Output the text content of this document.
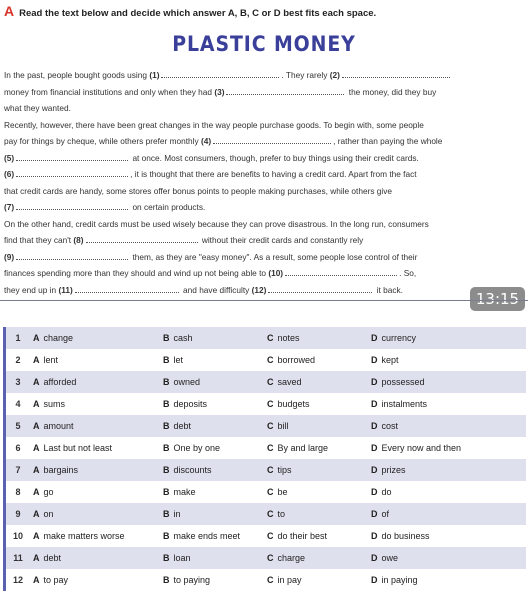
A Read the text below and decide which answer A, B, C or D best fits each space.
PLASTIC MONEY
In the past, people bought goods using (1)	. They rarely (2)
money from financial institutions and only when they had (3)	the money, did they buy
what they wanted.
Recently, however, there have been great changes in the way people purchase goods. To begin with, some people
pay for things by cheque, while others prefer monthly (4)	, rather than paying the whole
(5)	at once. Most consumers, though, prefer to buy things using their credit cards.
(6)	, it is thought that there are benefits to having a credit card. Apart from the fact
that credit cards are handy, some stores offer bonus points to people making purchases, while others give
(7)	on certain products.
On the other hand, credit cards must be used wisely because they can prove disastrous. In the long run, consumers
find that they can't (8)	without their credit cards and constantly rely
(9)	them, as they are "easy money". As a result, some people lose control of their
finances spending more than they should and wind up not being able to (10)	. So,
they end up in (11)	and have difficulty (12)	it back.
13:15
1	A change	B cash	C notes	D currency
2	A lent	B let	C borrowed	D kept
3	A afforded	B owned	C saved	D possessed
4	A sums	B deposits	C budgets	D instalments
5	A amount	B debt	C bill	D cost
6	A Last but not least	B One by one	C By and large	D Every now and then
7	A bargains	B discounts	C tips	D prizes
8	A go	B make	C be	D do
9	A on	B in	C to	D of
10	A make matters worse	B make ends meet	C do their best	D do business
11	A debt	B loan	C charge	D owe
12	A to pay	B to paying	C in pay	D in paying
